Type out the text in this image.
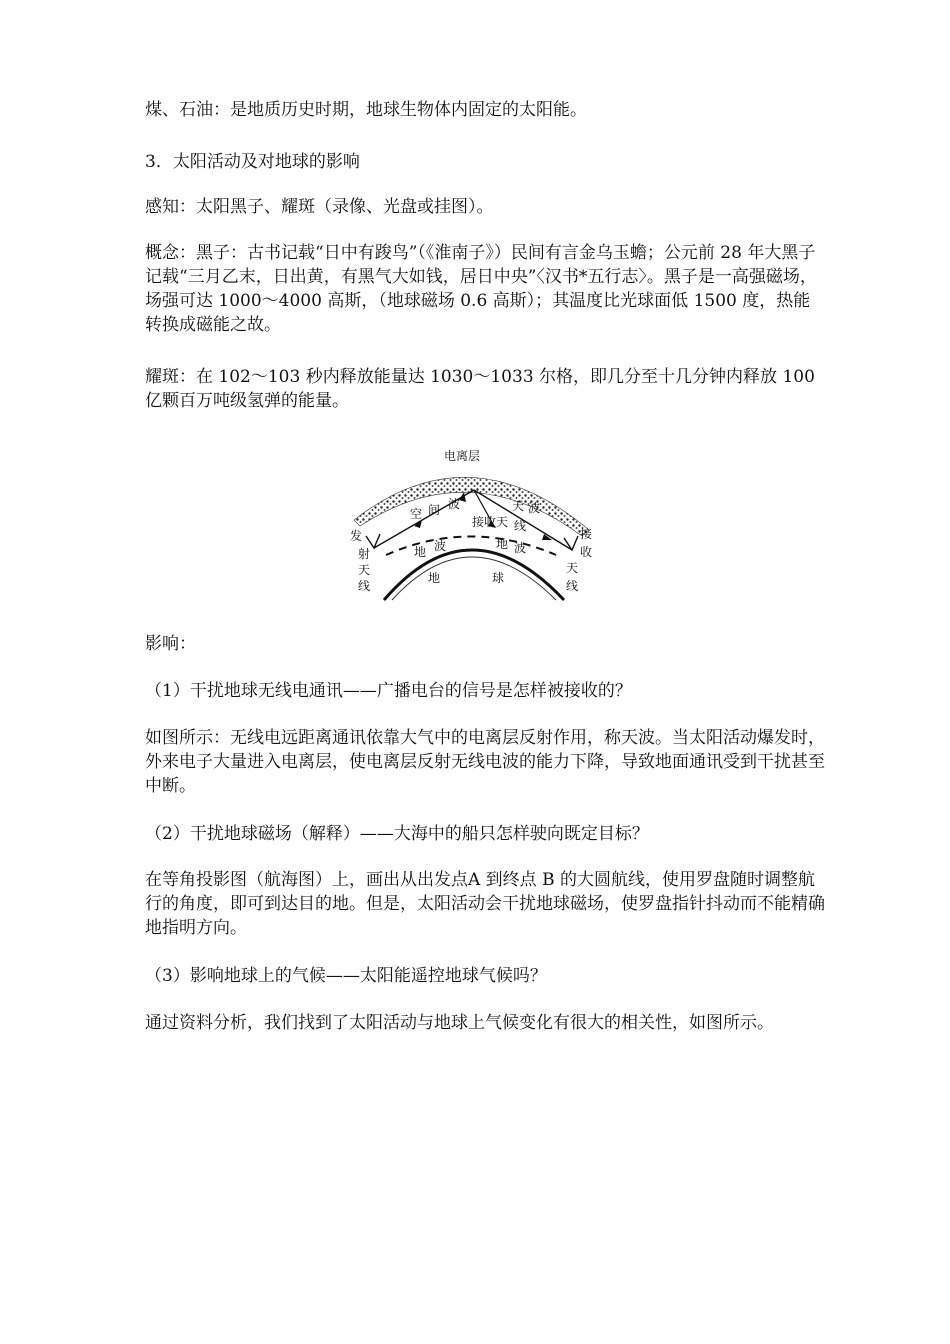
煤、石油：是地质历史时期，地球生物体内固定的太阳能。

3．太阳活动及对地球的影响

感知：太阳黑子、耀斑（录像、光盘或挂图）。

概念：黑子：古书记载“日中有踆鸟”（《淮南子》）民间有言金乌玉蟾；公元前 28 年大黑子记载“三月乙末，日出黄，有黑气大如钱，居日中央”〈汉书*五行志〉。黑子是一高强磁场，场强可达 1000～4000 高斯，（地球磁场 0.6 高斯）；其温度比光球面低 1500 度，热能转换成磁能之故。

耀斑：在 102～103 秒内释放能量达 1030～1033 尔格，即几分至十几分钟内释放 100 亿颗百万吨级氢弹的能量。

电离层
发
射
天
线
接
收
天
线
空 间 波	天 波
接收天 线
地 波	地 波
地	球

影响：

（1）干扰地球无线电通讯——广播电台的信号是怎样被接收的？

如图所示：无线电远距离通讯依靠大气中的电离层反射作用，称天波。当太阳活动爆发时，外来电子大量进入电离层，使电离层反射无线电波的能力下降，导致地面通讯受到干扰甚至中断。

（2）干扰地球磁场（解释）——大海中的船只怎样驶向既定目标？

在等角投影图（航海图）上，画出从出发点A 到终点 B 的大圆航线，使用罗盘随时调整航行的角度，即可到达目的地。但是，太阳活动会干扰地球磁场，使罗盘指针抖动而不能精确地指明方向。

（3）影响地球上的气候——太阳能遥控地球气候吗？

通过资料分析，我们找到了太阳活动与地球上气候变化有很大的相关性，如图所示。
